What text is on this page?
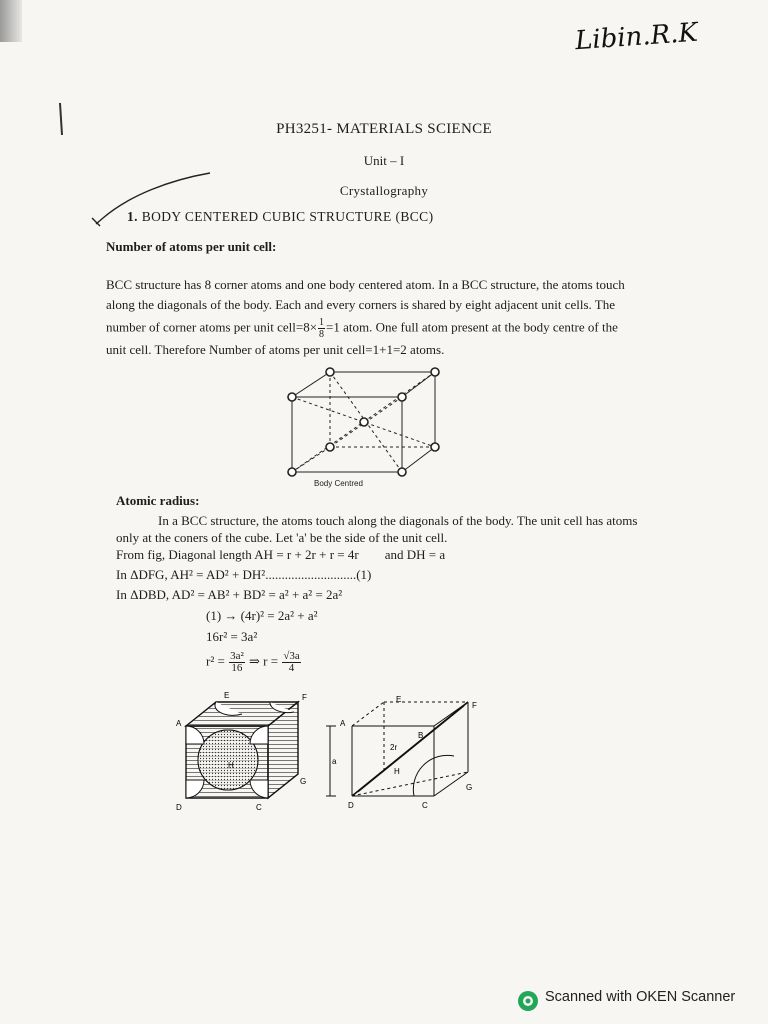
Libin.R.K
PH3251- MATERIALS SCIENCE
Unit – I
Crystallography
1. BODY CENTERED CUBIC STRUCTURE (BCC)
Number of atoms per unit cell:
BCC structure has 8 corner atoms and one body centered atom. In a BCC structure, the atoms touch
along the diagonals of the body. Each and every corners is shared by eight adjacent unit cells. The
number of corner atoms per unit cell=8× $\frac{1}{8} =1$ atom. One full atom present at the body centre of the
unit cell. Therefore Number of atoms per unit cell=1+1=2 atoms.
Body Centred
Atomic radius:
In a BCC structure, the atoms touch along the diagonals of the body. The unit cell has atoms
only at the coners of the cube. Let 'a' be the side of the unit cell.
From fig, Diagonal length AH = r + 2r + r = 4r and DH = a
In ΔDFG, AH² = AD² + DH²............................(1)
In ΔDBD, AD² = AB² + BD² = a² + a² = 2a²
(1) → (4r)² = 2a² + a²
16r² = 3a²
$r^2 = \frac{\text{3a²}}{16}$ ⇒ $r = \frac{√3a}{4}$
A
E	F
D	C
G
H	a
A
E
F
B
2r
H
D	C
G
Scanned with OKEN Scanner
